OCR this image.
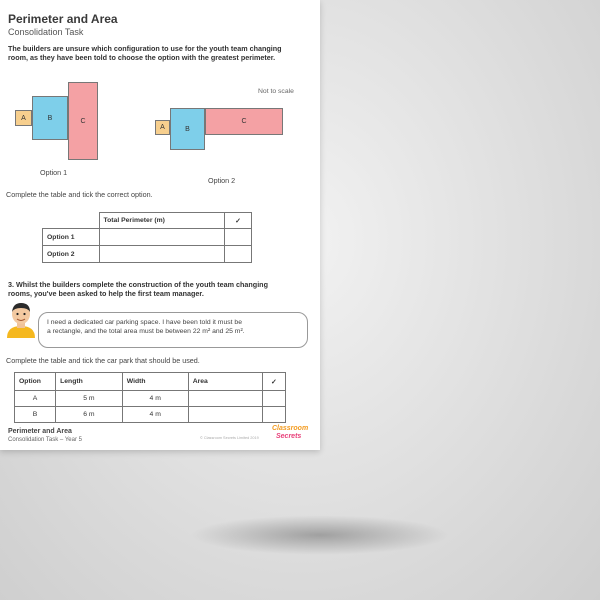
Perimeter and Area
Consolidation Task
The builders are unsure which configuration to use for the youth team changing
room, as they have been told to choose the option with the greatest perimeter.
Not to scale
A	B	C
Option 1
A	B
C
Option 2
Complete the table and tick the correct option.
	Total Perimeter (m)	✓
Option 1		
Option 2		
3. Whilst the builders complete the construction of the youth team changing
rooms, you've been asked to help the first team manager.
I need a dedicated car parking space. I have been told it must be
a rectangle, and the total area must be between 22 m² and 25 m².
Complete the table and tick the car park that should be used.
Option	Length	Width	Area	✓
A	5 m	4 m		
B	6 m	4 m		
Perimeter and Area
Consolidation Task – Year 5	© Classroom Secrets Limited 2019
Classroom
Secrets
